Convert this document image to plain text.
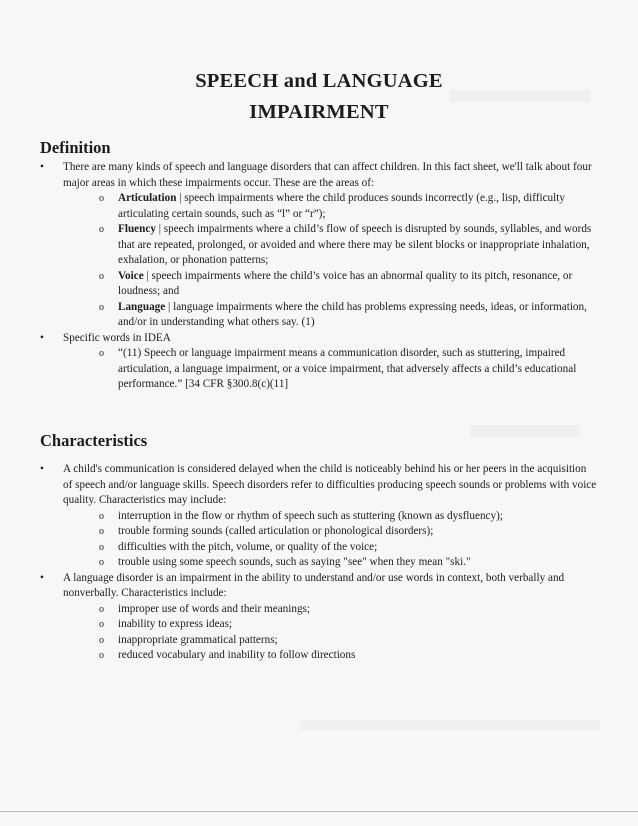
SPEECH and LANGUAGE
IMPAIRMENT
Definition
• There are many kinds of speech and language disorders that can affect children. In this fact sheet, we'll talk about four major areas in which these impairments occur. These are the areas of:
o Articulation | speech impairments where the child produces sounds incorrectly (e.g., lisp, difficulty articulating certain sounds, such as “l” or “r”);
o Fluency | speech impairments where a child’s flow of speech is disrupted by sounds, syllables, and words that are repeated, prolonged, or avoided and where there may be silent blocks or inappropriate inhalation, exhalation, or phonation patterns;
o Voice | speech impairments where the child’s voice has an abnormal quality to its pitch, resonance, or loudness; and
o Language | language impairments where the child has problems expressing needs, ideas, or information, and/or in understanding what others say. (1)
• Specific words in IDEA
o “(11) Speech or language impairment means a communication disorder, such as stuttering, impaired articulation, a language impairment, or a voice impairment, that adversely affects a child’s educational performance.” [34 CFR §300.8(c)(11]
Characteristics
• A child's communication is considered delayed when the child is noticeably behind his or her peers in the acquisition of speech and/or language skills. Speech disorders refer to difficulties producing speech sounds or problems with voice quality. Characteristics may include:
o interruption in the flow or rhythm of speech such as stuttering (known as dysfluency);
o trouble forming sounds (called articulation or phonological disorders);
o difficulties with the pitch, volume, or quality of the voice;
o trouble using some speech sounds, such as saying "see" when they mean "ski."
• A language disorder is an impairment in the ability to understand and/or use words in context, both verbally and nonverbally. Characteristics include:
o improper use of words and their meanings;
o inability to express ideas;
o inappropriate grammatical patterns;
o reduced vocabulary and inability to follow directions
